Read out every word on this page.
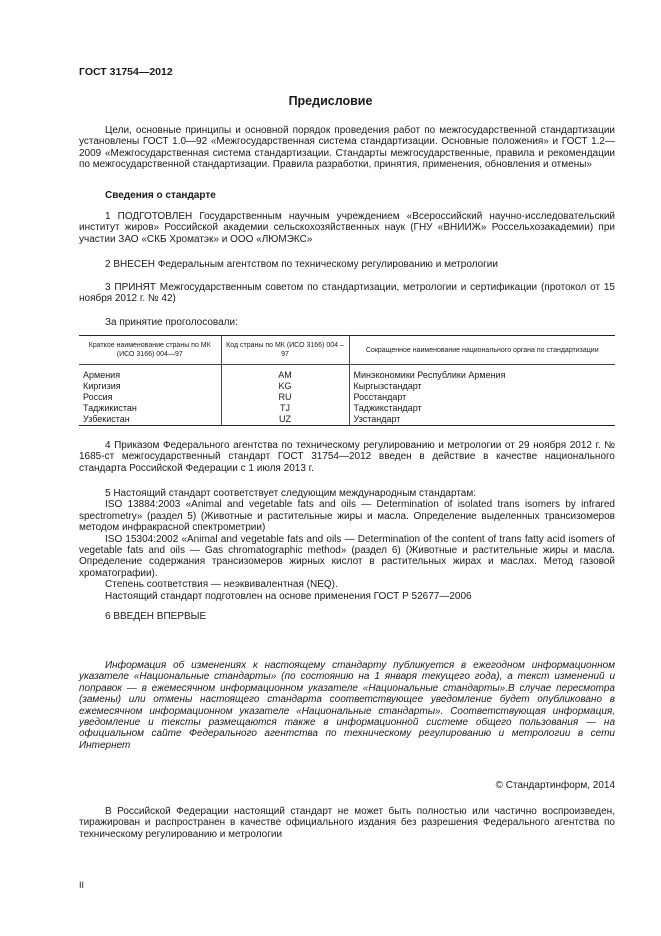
ГОСТ 31754—2012
Предисловие
Цели, основные принципы и основной порядок проведения работ по межгосударственной стандартизации установлены ГОСТ 1.0—92 «Межгосударственная система стандартизации. Основные положения» и ГОСТ 1.2—2009 «Межгосударственная система стандартизации. Стандарты межгосударственные, правила и рекомендации по межгосударственной стандартизации. Правила разработки, принятия, применения, обновления и отмены»
Сведения о стандарте
1 ПОДГОТОВЛЕН Государственным научным учреждением «Всероссийский научно-исследовательский институт жиров» Российской академии сельскохозяйственных наук (ГНУ «ВНИИЖ» Россельхозакадемии) при участии ЗАО «СКБ Хроматэк» и ООО «ЛЮМЭКС»
2 ВНЕСЕН Федеральным агентством по техническому регулированию и метрологии
3 ПРИНЯТ Межгосударственным советом по стандартизации, метрологии и сертификации (протокол от 15 ноября 2012 г. № 42)
За принятие проголосовали:
Краткое наименование страны по МК (ИСО 3166) 004—97	Код страны по МК (ИСО 3166) 004 – 97	Сокращенное наименование национального органа по стандартизации
Армения	AM	Минэкономики Республики Армения
Киргизия	KG	Кыргызстандарт
Россия	RU	Росстандарт
Таджикистан	TJ	Таджикстандарт
Узбекистан	UZ	Узстандарт
4 Приказом Федерального агентства по техническому регулированию и метрологии от 29 ноября 2012 г. № 1685-ст межгосударственный стандарт ГОСТ 31754—2012 введен в действие в качестве национального стандарта Российской Федерации с 1 июля 2013 г.
5 Настоящий стандарт соответствует следующим международным стандартам:
ISO 13884:2003 «Animal and vegetable fats and oils — Determination of isolated trans isomers by infrared spectrometry» (раздел 5) (Животные и растительные жиры и масла. Определение выделенных трансизомеров методом инфракрасной спектрометрии)
ISO 15304:2002 «Animal and vegetable fats and oils — Determination of the content of trans fatty acid isomers of vegetable fats and oils — Gas chromatographic method» (раздел 6) (Животные и растительные жиры и масла. Определение содержания трансизомеров жирных кислот в растительных жирах и маслах. Метод газовой хроматографии).
Степень соответствия — неэквивалентная (NEQ).
Настоящий стандарт подготовлен на основе применения ГОСТ Р 52677—2006
6 ВВЕДЕН ВПЕРВЫЕ
Информация об изменениях к настоящему стандарту публикуется в ежегодном информационном указателе «Национальные стандарты» (по состоянию на 1 января текущего года), а текст изменений и поправок — в ежемесячном информационном указателе «Национальные стандарты».В случае пересмотра (замены) или отмены настоящего стандарта соответствующее уведомление будет опубликовано в ежемесячном информационном указателе «Национальные стандарты». Соответствующая информация, уведомление и тексты размещаются также в информационной системе общего пользования — на официальном сайте Федерального агентства по техническому регулированию и метрологии в сети Интернет
© Стандартинформ, 2014
В Российской Федерации настоящий стандарт не может быть полностью или частично воспроизведен, тиражирован и распространен в качестве официального издания без разрешения Федерального агентства по техническому регулированию и метрологии
II
